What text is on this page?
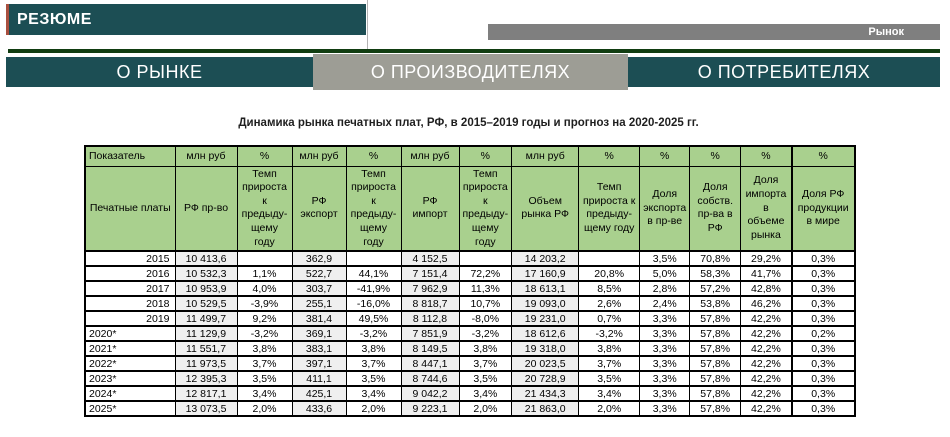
РЕЗЮМЕ
Рынок
О РЫНКЕ	О ПРОИЗВОДИТЕЛЯХ	О ПОТРЕБИТЕЛЯХ
Динамика рынка печатных плат, РФ, в 2015–2019 годы и прогноз на 2020-2025 гг.
Показатель	млн руб	%	млн руб	%	млн руб	%	млн руб	%	%	%	%	%
Печатные платы	РФ пр-во	Темп прироста к предыду-щему году	РФ экспорт	Темп прироста к предыду-щему году	РФ импорт	Темп прироста к предыду-щему году	Объем рынка РФ	Темп прироста к предыду-щему году	Доля экспорта в пр-ве	Доля собств. пр-ва в РФ	Доля импорта в объеме рынка	Доля РФ продукции в мире
2015	10 413,6		362,9		4 152,5		14 203,2		3,5%	70,8%	29,2%	0,3%
2016	10 532,3	1,1%	522,7	44,1%	7 151,4	72,2%	17 160,9	20,8%	5,0%	58,3%	41,7%	0,3%
2017	10 953,9	4,0%	303,7	-41,9%	7 962,9	11,3%	18 613,1	8,5%	2,8%	57,2%	42,8%	0,3%
2018	10 529,5	-3,9%	255,1	-16,0%	8 818,7	10,7%	19 093,0	2,6%	2,4%	53,8%	46,2%	0,3%
2019	11 499,7	9,2%	381,4	49,5%	8 112,8	-8,0%	19 231,0	0,7%	3,3%	57,8%	42,2%	0,3%
2020*	11 129,9	-3,2%	369,1	-3,2%	7 851,9	-3,2%	18 612,6	-3,2%	3,3%	57,8%	42,2%	0,2%
2021*	11 551,7	3,8%	383,1	3,8%	8 149,5	3,8%	19 318,0	3,8%	3,3%	57,8%	42,2%	0,3%
2022*	11 973,5	3,7%	397,1	3,7%	8 447,1	3,7%	20 023,5	3,7%	3,3%	57,8%	42,2%	0,3%
2023*	12 395,3	3,5%	411,1	3,5%	8 744,6	3,5%	20 728,9	3,5%	3,3%	57,8%	42,2%	0,3%
2024*	12 817,1	3,4%	425,1	3,4%	9 042,2	3,4%	21 434,3	3,4%	3,3%	57,8%	42,2%	0,3%
2025*	13 073,5	2,0%	433,6	2,0%	9 223,1	2,0%	21 863,0	2,0%	3,3%	57,8%	42,2%	0,3%
